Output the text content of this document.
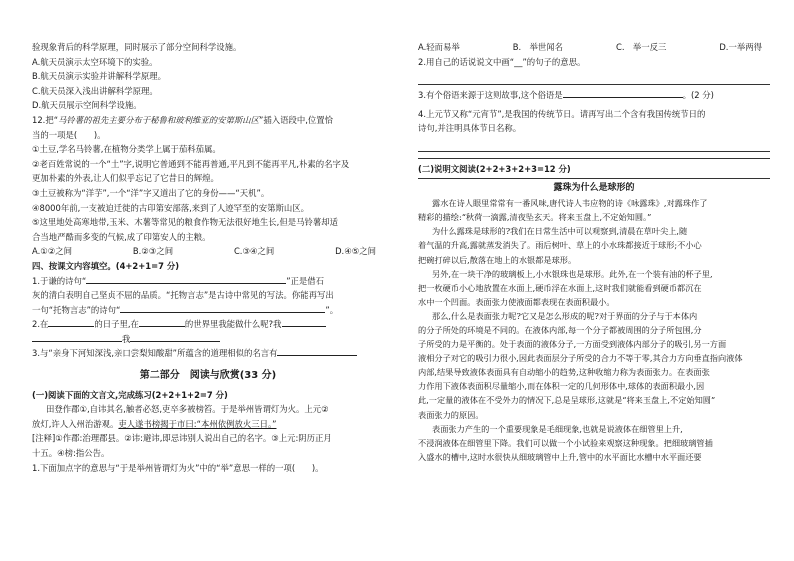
验现象背后的科学原理，同时展示了部分空间科学设施。
A.航天员演示太空环境下的实验。
B.航天员演示实验并讲解科学原理。
C.航天员深入浅出讲解科学原理。
D.航天员展示空间科学设施。
12.把“马铃薯的祖先主要分布于秘鲁和玻利维亚的安第斯山区”插入语段中,位置恰
当的一项是(　　)。
①土豆,学名马铃薯,在植物分类学上属于茄科茄属。
②老百姓常说的一个“土”字,说明它普通到不能再普通,平凡到不能再平凡,朴素的名字及
更加朴素的外表,让人们似乎忘记了它昔日的辉煌。
③土豆被称为“洋芋”,一个“洋”字又道出了它的身份——“天机”。
④8000年前,一支被迫迁徙的古印第安部落,来到了人迹罕至的安第斯山区。
⑤这里地处高寒地带,玉米、木薯等常见的粮食作物无法很好地生长,但是马铃薯却适
合当地严酷而多变的气候,成了印第安人的主粮。
A.①②之间	B.②③之间	C.③④之间	D.④⑤之间
四、按课文内容填空。(4+2+1=7 分)
1.于谦的诗句“	”正是借石
灰的清白表明自己坚贞不屈的品质。“托物言志”是古诗中常见的写法。你能再写出
一句“托物言志”的诗句“	”。
2.在	的日子里,在	的世界里我能做什么呢?我
我
3.与“亲身下河知深浅,亲口尝梨知酸甜”所蕴含的道理相似的名言有
第二部分　阅读与欣赏(33 分)
(一)阅读下面的文言文,完成练习(2+2+1+2=7 分)
田登作郡①,自讳其名,触者必怒,吏卒多被榜笞。于是举州皆谓灯为火。上元②
放灯,许人入州治游观。吏人遂书榜揭于市曰:“本州依例放火三日。”
[注释]①作郡:治理郡县。②讳:避讳,即忌讳别人说出自己的名字。③上元:阴历正月
十五。④榜:指公告。
1.下面加点字的意思与“于是举州皆谓灯为火”中的“举”意思一样的一项(　　)。
A.轻而易举	B.　举世闻名	C.　举一反三	D.一举两得
2.用自己的话说说文中画“__”的句子的意思。
3.有个俗语来源于这则故事,这个俗语是	。(2 分)
4.上元节又称“元宵节”,是我国的传统节日。请再写出二个含有我国传统节日的
诗句,并注明具体节日名称。
(二)说明文阅读(2+2+3+2+3=12 分)
露珠为什么是球形的
露水在诗人眼里常常有一番风味,唐代诗人韦应物的诗《咏露珠》,对露珠作了
精彩的描绘:“秋荷一滴露,清夜坠玄天。将来玉盘上,不定始知圆。”
为什么露珠是球形的?我们在日常生活中可以观察到,清晨在草叶尖上,随
着气温的升高,露就蒸发消失了。雨后树叶、草上的小水珠都接近于球形;不小心
把碗打碎以后,散落在地上的水银都是球形。
另外,在一块干净的玻璃板上,小水银珠也是球形。此外,在一个装有油的杯子里,
把一枚硬币小心地放置在水面上,硬币浮在水面上,这时我们就能看到硬币都沉在
水中一个凹面。表面张力使液面都表现在表面积最小。
那么,什么是表面张力呢?它又是怎么形成的呢?对于界面的分子与于本体内
的分子所处的环境是不同的。在液体内部,每一个分子都被周围的分子所包围,分
子所受的力是平衡的。处于表面的液体分子,一方面受到液体内部分子的吸引,另一方面
液相分子对它的吸引力很小,因此表面层分子所受的合力不等于零,其合力方向垂直指向液体
内部,结果导致液体表面具有自动缩小的趋势,这种收缩力称为表面张力。在表面张
力作用下液体表面积尽量缩小,而在体积一定的几何形体中,球体的表面积最小,因
此,一定量的液体在不受外力的情况下,总是呈球形,这就是“将来玉盘上,不定始知圆”
表面张力的原因。
表面张力产生的一个重要现象是毛细现象,也就是说液体在细管里上升,
不浸润液体在细管里下降。我们可以做一个小试验来观察这种现象。把细玻璃管插
入盛水的槽中,这时水很快从细玻璃管中上升,管中的水平面比水槽中水平面还要
